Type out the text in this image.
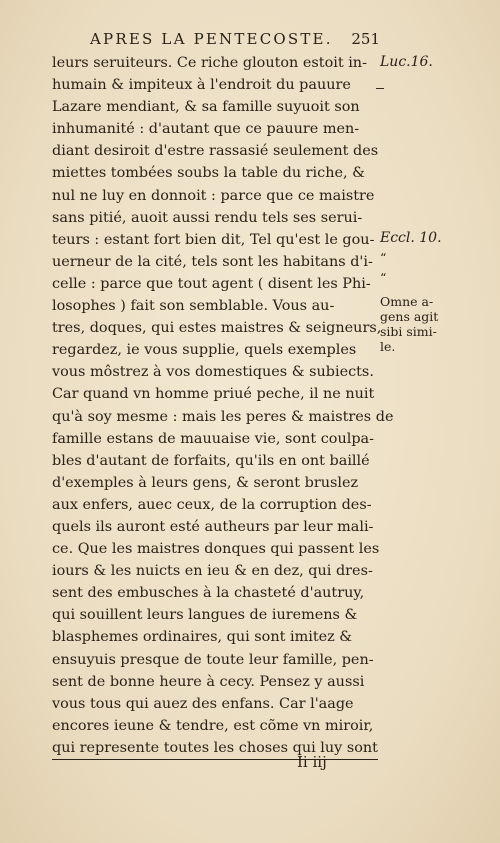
APRES LA PENTECOSTE. 251
leurs seruiteurs. Ce riche glouton estoit in-
humain & impiteux à l'endroit du pauure
Lazare mendiant, & sa famille suyuoit son
inhumanité : d'autant que ce pauure men-
diant desiroit d'estre rassasié seulement des
miettes tombées soubs la table du riche, &
nul ne luy en donnoit : parce que ce maistre
sans pitié, auoit aussi rendu tels ses serui-
teurs : estant fort bien dit, Tel qu'est le gou-
uerneur de la cité, tels sont les habitans d'i-
celle : parce que tout agent ( disent les Phi-
losophes ) fait son semblable. Vous au-
tres, doques, qui estes maistres & seigneurs,
regardez, ie vous supplie, quels exemples
vous môstrez à vos domestiques & subiects.
Car quand vn homme priué peche, il ne nuit
qu'à soy mesme : mais les peres & maistres de
famille estans de mauuaise vie, sont coulpa-
bles d'autant de forfaits, qu'ils en ont baillé
d'exemples à leurs gens, & seront bruslez
aux enfers, auec ceux, de la corruption des-
quels ils auront esté autheurs par leur mali-
ce. Que les maistres donques qui passent les
iours & les nuicts en ieu & en dez, qui dres-
sent des embusches à la chasteté d'autruy,
qui souillent leurs langues de iuremens &
blasphemes ordinaires, qui sont imitez &
ensuyuis presque de toute leur famille, pen-
sent de bonne heure à cecy. Pensez y aussi
vous tous qui auez des enfans. Car l'aage
encores ieune & tendre, est cõme vn miroir,
qui represente toutes les choses qui luy sont
Luc.16.
Eccl. 10.
“
“
Omne a-
gens agit
sibi simi-
le.
Ii iij
